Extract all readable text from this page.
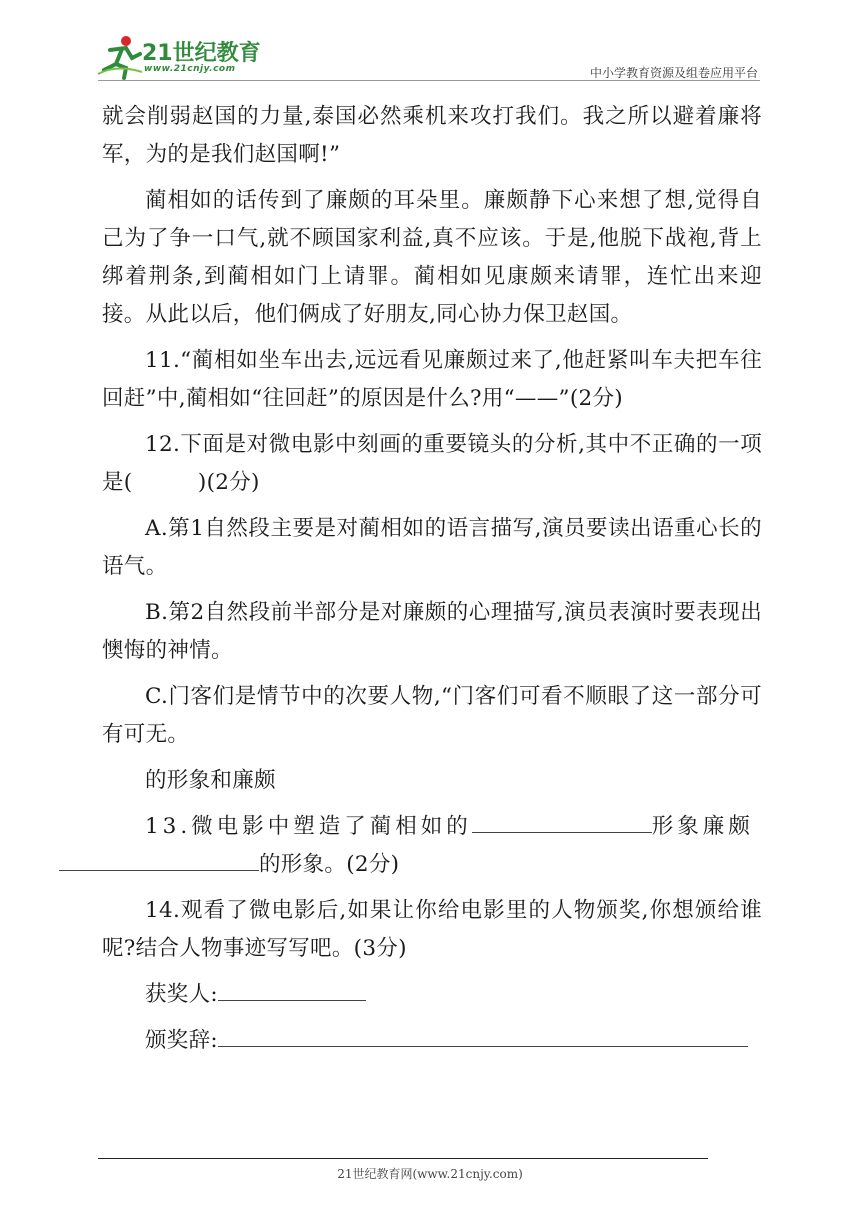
21世纪教育
www.21cnjy.com	中小学教育资源及组卷应用平台

就会削弱赵国的力量,泰国必然乘机来攻打我们。我之所以避着廉将军，为的是我们赵国啊!”

蔺相如的话传到了廉颇的耳朵里。廉颇静下心来想了想,觉得自己为了争一口气,就不顾国家利益,真不应该。于是,他脱下战袍,背上绑着荆条,到蔺相如门上请罪。蔺相如见康颇来请罪，连忙出来迎接。从此以后，他们俩成了好朋友,同心协力保卫赵国。

11.“蔺相如坐车出去,远远看见廉颇过来了,他赶紧叫车夫把车往回赶”中,蔺相如“往回赶”的原因是什么?用“——”(2分)

12.下面是对微电影中刻画的重要镜头的分析,其中不正确的一项是(　　　)(2分)

A.第1自然段主要是对蔺相如的语言描写,演员要读出语重心长的语气。

B.第2自然段前半部分是对廉颇的心理描写,演员表演时要表现出懊悔的神情。

C.门客们是情节中的次要人物,“门客们可看不顺眼了这一部分可有可无。

的形象和廉颇

13.微电影中塑造了蔺相如的	形象廉颇
的形象。(2分)

14.观看了微电影后,如果让你给电影里的人物颁奖,你想颁给谁呢?结合人物事迹写写吧。(3分)

获奖人:

颁奖辞:

21世纪教育网(www.21cnjy.com)
